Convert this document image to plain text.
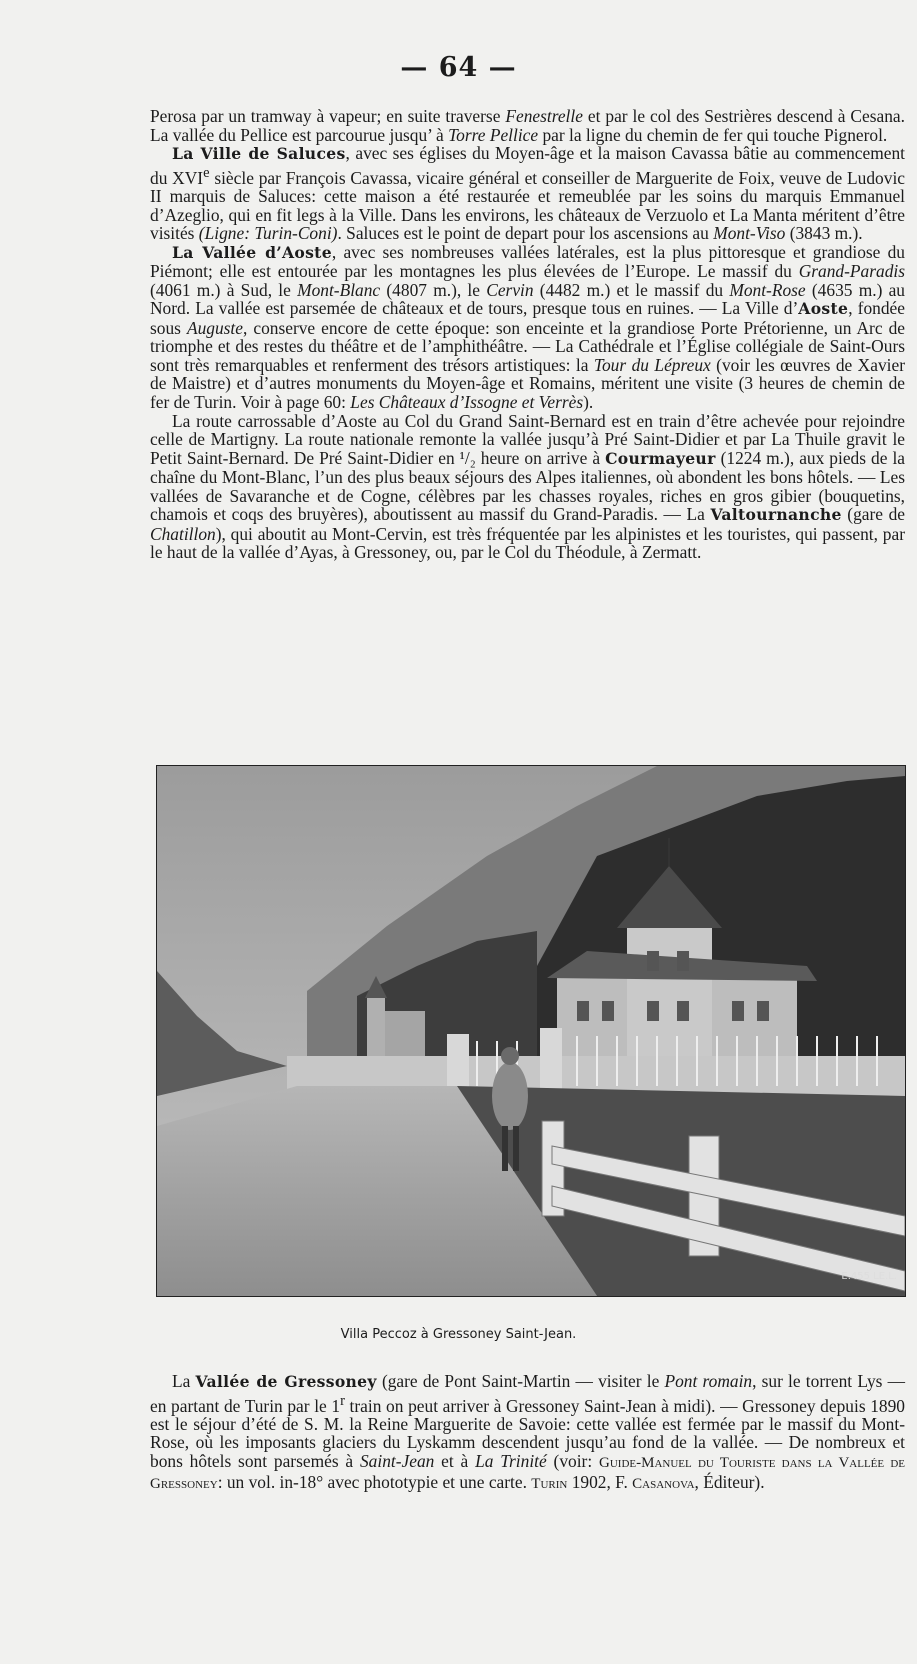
— 64 —

Perosa par un tramway à vapeur; en suite traverse Fenestrelle et par le col des Sestrières descend à Cesana. La vallée du Pellice est parcourue jusqu’ à Torre Pellice par la ligne du chemin de fer qui touche Pignerol.

La Ville de Saluces, avec ses églises du Moyen-âge et la maison Cavassa bâtie au commencement du XVIe siècle par François Cavassa, vicaire général et conseiller de Marguerite de Foix, veuve de Ludovic II marquis de Saluces: cette maison a été restaurée et remeublée par les soins du marquis Emmanuel d’Azeglio, qui en fit legs à la Ville. Dans les environs, les châteaux de Verzuolo et La Manta méritent d’être visités (Ligne: Turin-Coni). Saluces est le point de depart pour los ascensions au Mont-Viso (3843 m.).

La Vallée d’Aoste, avec ses nombreuses vallées latérales, est la plus pittoresque et grandiose du Piémont; elle est entourée par les montagnes les plus élevées de l’Europe. Le massif du Grand-Paradis (4061 m.) à Sud, le Mont-Blanc (4807 m.), le Cervin (4482 m.) et le massif du Mont-Rose (4635 m.) au Nord. La vallée est parsemée de châteaux et de tours, presque tous en ruines. — La Ville d’Aoste, fondée sous Auguste, conserve encore de cette époque: son enceinte et la grandiose Porte Prétorienne, un Arc de triomphe et des restes du théâtre et de l’amphithéâtre. — La Cathédrale et l’Église collégiale de Saint-Ours sont très remarquables et renferment des trésors artistiques: la Tour du Lépreux (voir les œuvres de Xavier de Maistre) et d’autres monuments du Moyen-âge et Romains, méritent une visite (3 heures de chemin de fer de Turin. Voir à page 60: Les Châteaux d’Issogne et Verrès).

La route carrossable d’Aoste au Col du Grand Saint-Bernard est en train d’être achevée pour rejoindre celle de Martigny. La route nationale remonte la vallée jusqu’à Pré Saint-Didier et par La Thuile gravit le Petit Saint-Bernard. De Pré Saint-Didier en ¹/₂ heure on arrive à Courmayeur (1224 m.), aux pieds de la chaîne du Mont-Blanc, l’un des plus beaux séjours des Alpes italiennes, où abondent les bons hôtels. — Les vallées de Savaranche et de Cogne, célèbres par les chasses royales, riches en gros gibier (bouquetins, chamois et coqs des bruyères), aboutissent au massif du Grand-Paradis. — La Valtournanche (gare de Chatillon), qui aboutit au Mont-Cervin, est très fréquentée par les alpinistes et les touristes, qui passent, par le haut de la vallée d’Ayas, à Gressoney, ou, par le Col du Théodule, à Zermatt.

E.455 LE.L.
Villa Peccoz à Gressoney Saint-Jean.

La Vallée de Gressoney (gare de Pont Saint-Martin — visiter le Pont romain, sur le torrent Lys — en partant de Turin par le 1$^r$ train on peut arriver à Gressoney Saint-Jean à midi). — Gressoney depuis 1890 est le séjour d’été de S. M. la Reine Marguerite de Savoie: cette vallée est fermée par le massif du Mont-Rose, où les imposants glaciers du Lyskamm descendent jusqu’au fond de la vallée. — De nombreux et bons hôtels sont parsemés à Saint-Jean et à La Trinité (voir: Guide-Manuel du Touriste dans la Vallée de Gressoney: un vol. in-18° avec phototypie et une carte. Turin 1902, F. Casanova, Éditeur).
